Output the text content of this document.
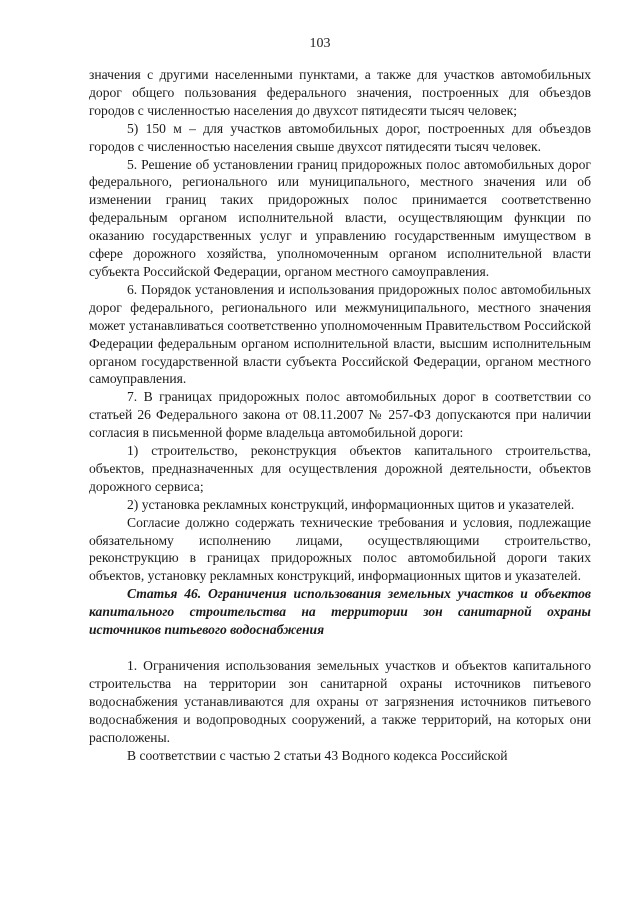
103

значения с другими населенными пунктами, а также для участков автомобильных дорог общего пользования федерального значения, построенных для объездов городов с численностью населения до двухсот пятидесяти тысяч человек;

5) 150 м – для участков автомобильных дорог, построенных для объездов городов с численностью населения свыше двухсот пятидесяти тысяч человек.

5. Решение об установлении границ придорожных полос автомобильных дорог федерального, регионального или муниципального, местного значения или об изменении границ таких придорожных полос принимается соответственно федеральным органом исполнительной власти, осуществляющим функции по оказанию государственных услуг и управлению государственным имуществом в сфере дорожного хозяйства, уполномоченным органом исполнительной власти субъекта Российской Федерации, органом местного самоуправления.

6. Порядок установления и использования придорожных полос автомобильных дорог федерального, регионального или межмуниципального, местного значения может устанавливаться соответственно уполномоченным Правительством Российской Федерации федеральным органом исполнительной власти, высшим исполнительным органом государственной власти субъекта Российской Федерации, органом местного самоуправления.

7. В границах придорожных полос автомобильных дорог в соответствии со статьей 26 Федерального закона от 08.11.2007 № 257-ФЗ допускаются при наличии согласия в письменной форме владельца автомобильной дороги:

1) строительство, реконструкция объектов капитального строительства, объектов, предназначенных для осуществления дорожной деятельности, объектов дорожного сервиса;

2) установка рекламных конструкций, информационных щитов и указателей.

Согласие должно содержать технические требования и условия, подлежащие обязательному исполнению лицами, осуществляющими строительство, реконструкцию в границах придорожных полос автомобильной дороги таких объектов, установку рекламных конструкций, информационных щитов и указателей.

Статья 46. Ограничения использования земельных участков и объектов капитального строительства на территории зон санитарной охраны источников питьевого водоснабжения

1. Ограничения использования земельных участков и объектов капитального строительства на территории зон санитарной охраны источников питьевого водоснабжения устанавливаются для охраны от загрязнения источников питьевого водоснабжения и водопроводных сооружений, а также территорий, на которых они расположены.

В соответствии с частью 2 статьи 43 Водного кодекса Российской
